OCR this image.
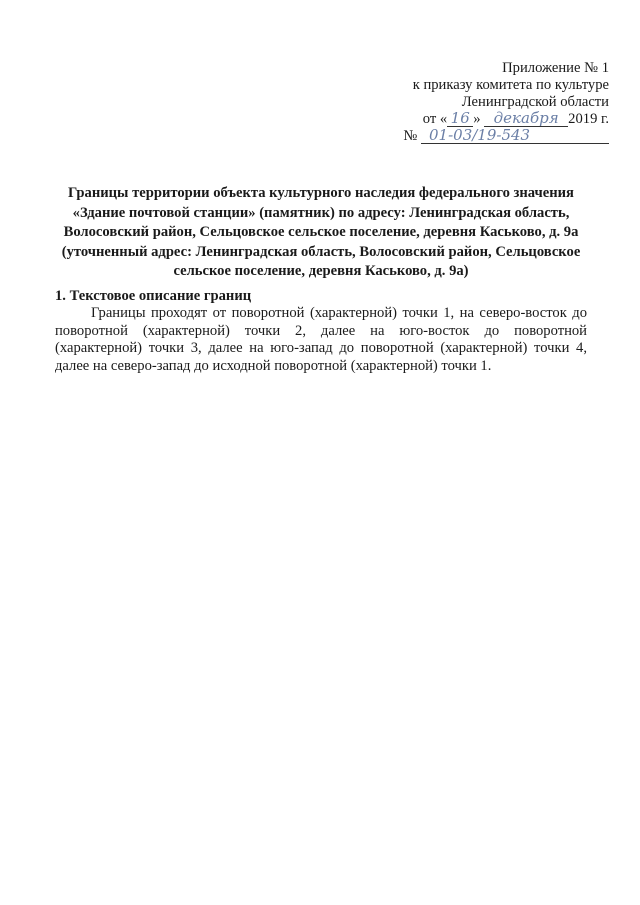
Приложение № 1
к приказу комитета по культуре
Ленинградской области
от « 16 » декабря 2019 г.
№ 01-03/19-543
Границы территории объекта культурного наследия федерального значения
«Здание почтовой станции» (памятник) по адресу: Ленинградская область,
Волосовский район, Сельцовское сельское поселение, деревня Каськово, д. 9а
(уточненный адрес: Ленинградская область, Волосовский район, Сельцовское
сельское поселение, деревня Каськово, д. 9а)
1. Текстовое описание границ
Границы проходят от поворотной (характерной) точки 1, на северо-восток до
поворотной (характерной) точки 2, далее на юго-восток до поворотной
(характерной) точки 3, далее на юго-запад до поворотной (характерной) точки 4,
далее на северо-запад до исходной поворотной (характерной) точки 1.
